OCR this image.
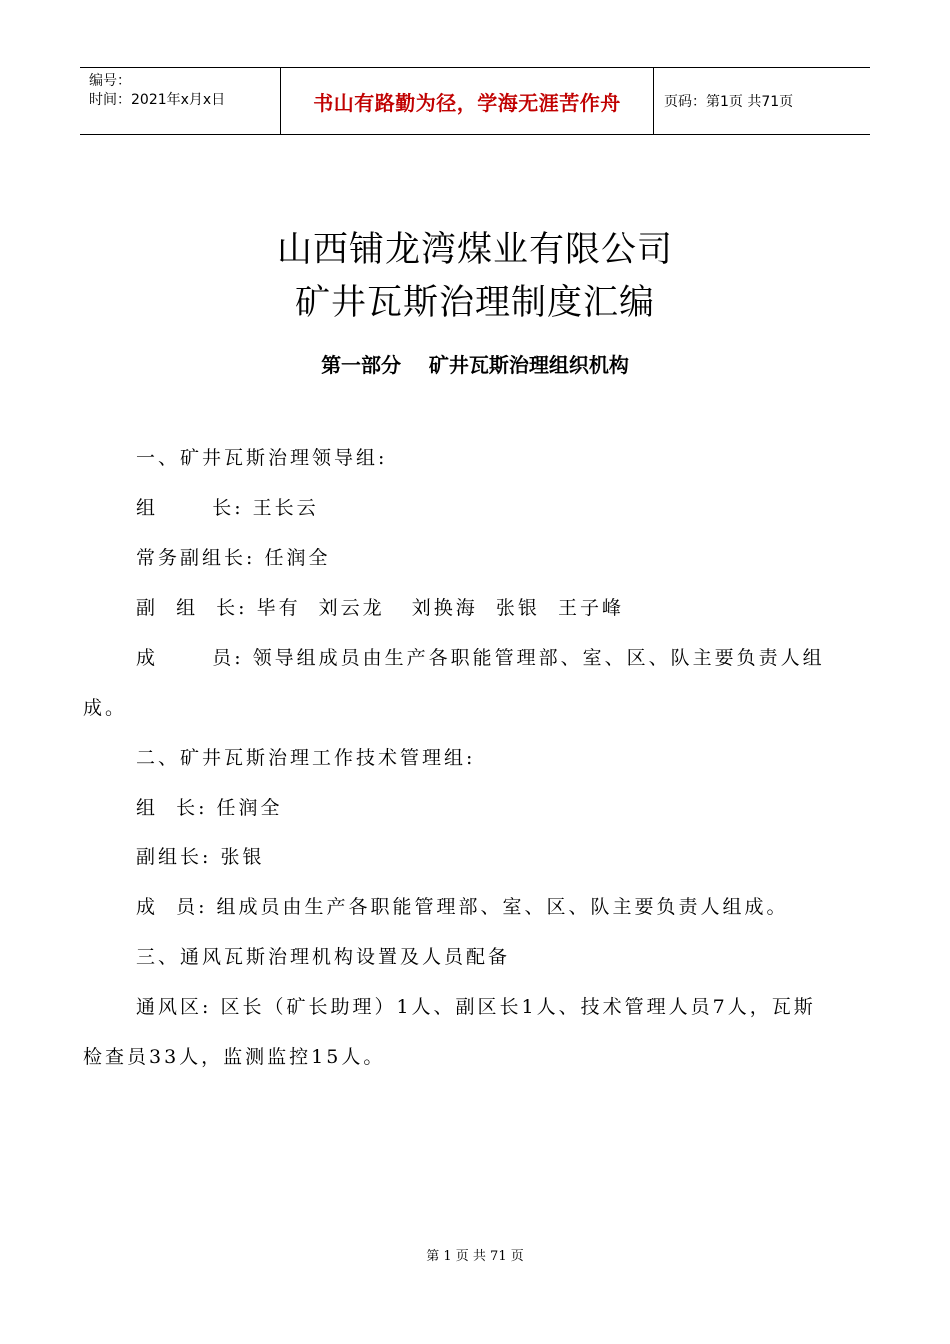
编号：
时间：2021年x月x日	书山有路勤为径，学海无涯苦作舟	页码：第1页 共71页
山西铺龙湾煤业有限公司
矿井瓦斯治理制度汇编
第一部分    矿井瓦斯治理组织机构
一、矿井瓦斯治理领导组:
组      长: 王长云
常务副组长: 任润全
副  组  长: 毕有  刘云龙   刘换海  张银  王子峰
成      员: 领导组成员由生产各职能管理部、室、区、队主要负责人组
成。
二、矿井瓦斯治理工作技术管理组:
组  长: 任润全
副组长: 张银
成  员: 组成员由生产各职能管理部、室、区、队主要负责人组成。
三、通风瓦斯治理机构设置及人员配备
通风区: 区长（矿长助理）1人、副区长1人、技术管理人员7人，瓦斯
检查员33人，监测监控15人。
第 1 页 共 71 页
